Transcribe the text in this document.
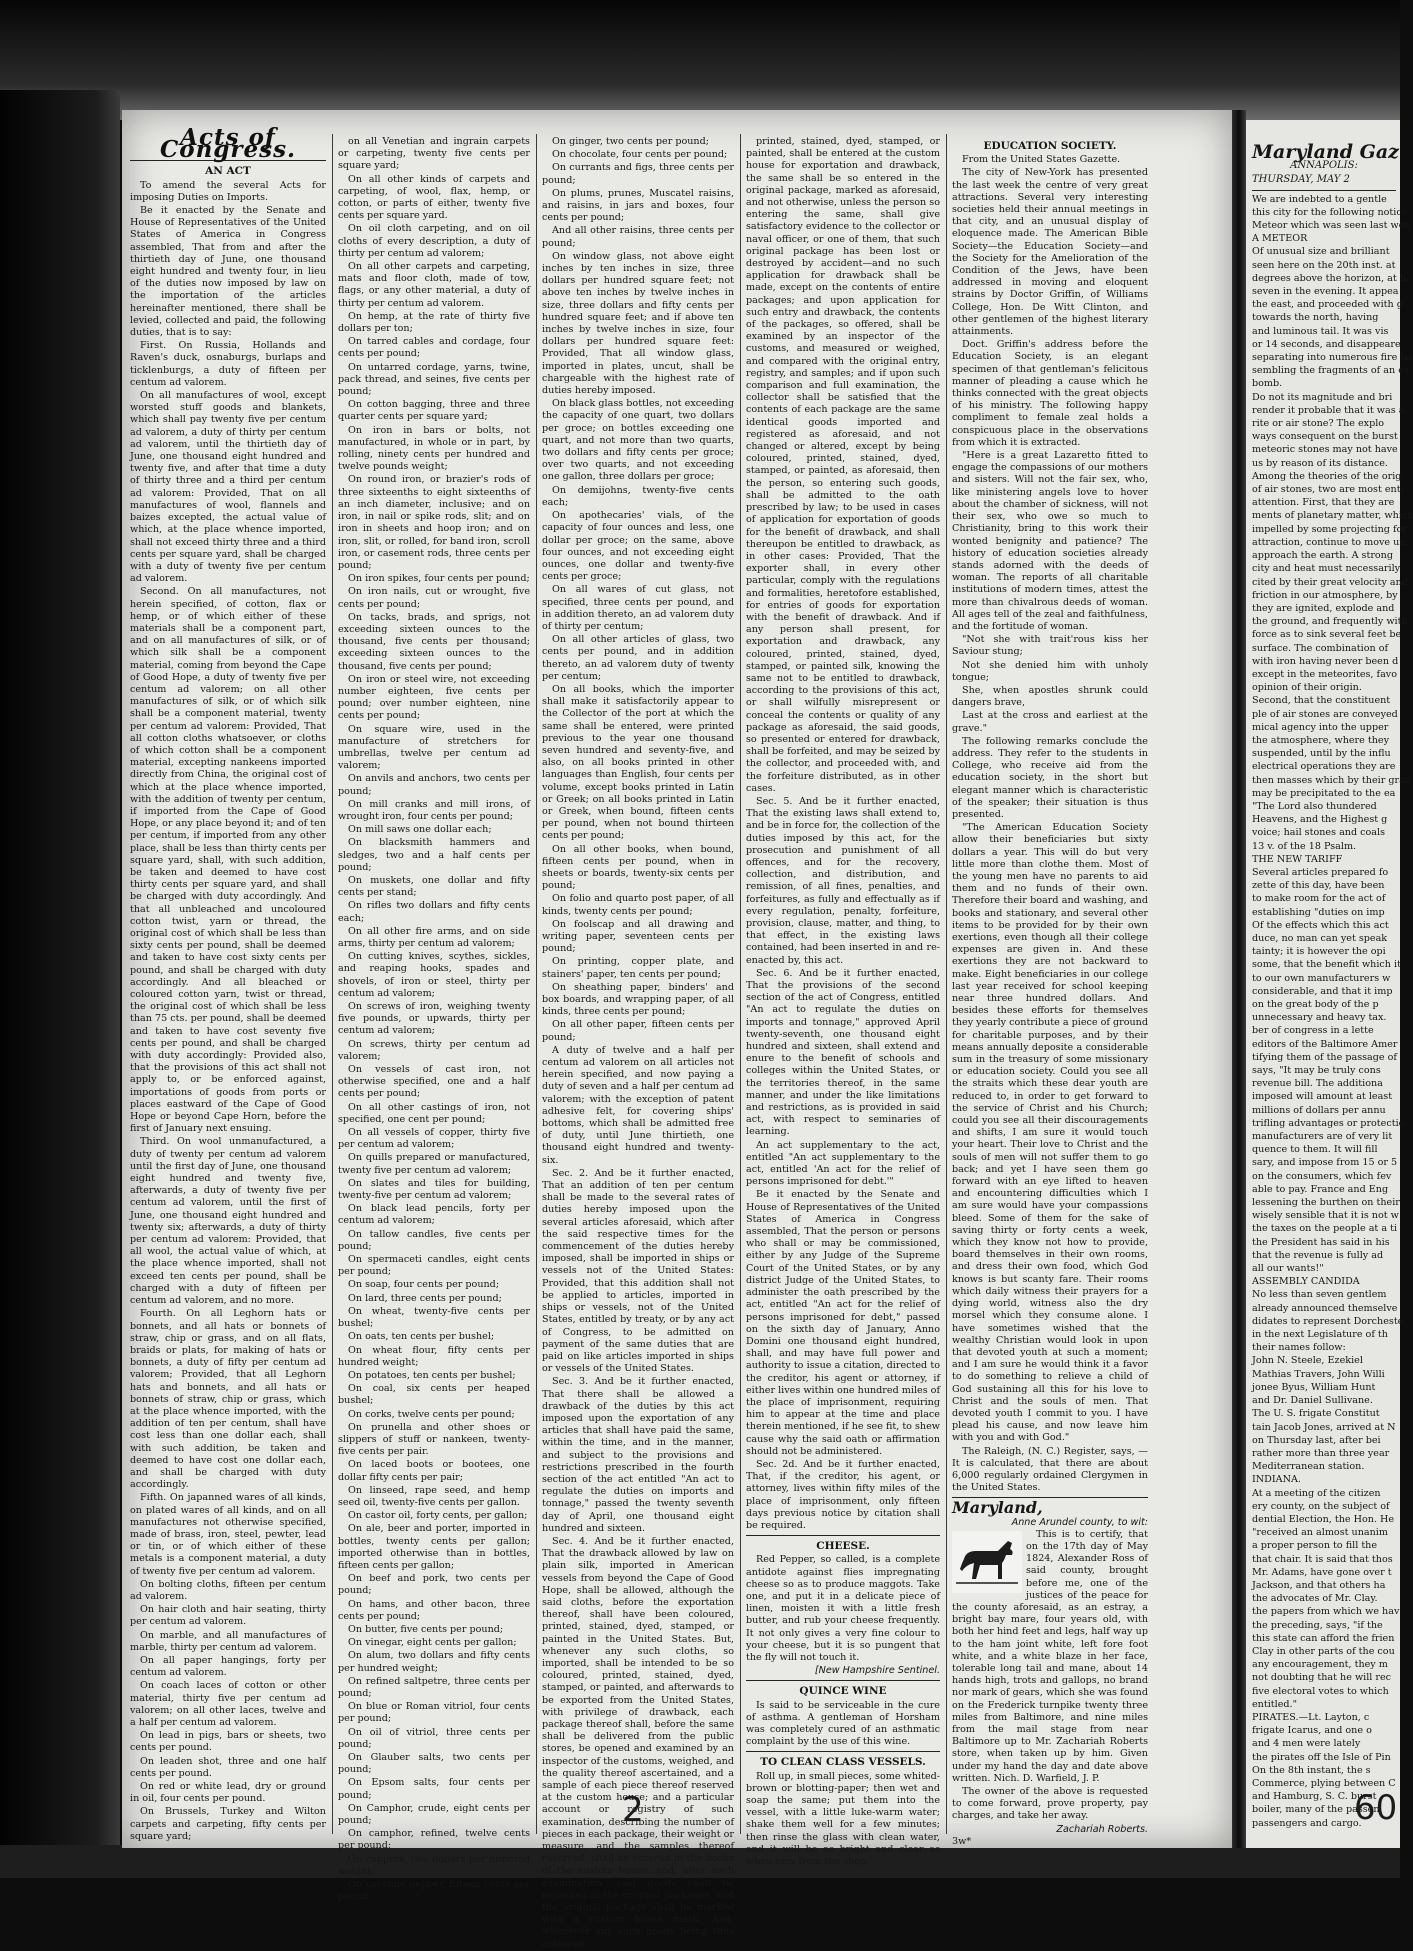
Acts of Congress.
AN ACT

To amend the several Acts for imposing Duties on Imports.

Be it enacted by the Senate and House of Representatives of the United States of America in Congress assembled, That from and after the thirtieth day of June, one thousand eight hundred and twenty four, in lieu of the duties now imposed by law on the importation of the articles hereinafter mentioned, there shall be levied, collected and paid, the following duties, that is to say:

First. On Russia, Hollands and Raven's duck, osnaburgs, burlaps and ticklenburgs, a duty of fifteen per centum ad valorem.

On all manufactures of wool, except worsted stuff goods and blankets, which shall pay twenty five per centum ad valorem, a duty of thirty per centum ad valorem, until the thirtieth day of June, one thousand eight hundred and twenty five, and after that time a duty of thirty three and a third per centum ad valorem: Provided, That on all manufactures of wool, flannels and baizes excepted, the actual value of which, at the place whence imported, shall not exceed thirty three and a third cents per square yard, shall be charged with a duty of twenty five per centum ad valorem.

Second. On all manufactures, not herein specified, of cotton, flax or hemp, or of which either of these materials shall be a component part, and on all manufactures of silk, or of which silk shall be a component material, coming from beyond the Cape of Good Hope, a duty of twenty five per centum ad valorem; on all other manufactures of silk, or of which silk shall be a component material, twenty per centum ad valorem: Provided, That all cotton cloths whatsoever, or cloths of which cotton shall be a component material, excepting nankeens imported directly from China, the original cost of which at the place whence imported, with the addition of twenty per centum, if imported from the Cape of Good Hope, or any place beyond it; and of ten per centum, if imported from any other place, shall be less than thirty cents per square yard, shall, with such addition, be taken and deemed to have cost thirty cents per square yard, and shall be charged with duty accordingly. And that all unbleached and uncoloured cotton twist, yarn or thread, the original cost of which shall be less than sixty cents per pound, shall be deemed and taken to have cost sixty cents per pound, and shall be charged with duty accordingly. And all bleached or coloured cotton yarn, twist or thread, the original cost of which shall be less than 75 cts. per pound, shall be deemed and taken to have cost seventy five cents per pound, and shall be charged with duty accordingly: Provided also, that the provisions of this act shall not apply to, or be enforced against, importations of goods from ports or places eastward of the Cape of Good Hope or beyond Cape Horn, before the first of January next ensuing.

Third. On wool unmanufactured, a duty of twenty per centum ad valorem until the first day of June, one thousand eight hundred and twenty five, afterwards, a duty of twenty five per centum ad valorem, until the first of June, one thousand eight hundred and twenty six; afterwards, a duty of thirty per centum ad valorem: Provided, that all wool, the actual value of which, at the place whence imported, shall not exceed ten cents per pound, shall be charged with a duty of fifteen per centum ad valorem, and no more.

Fourth. On all Leghorn hats or bonnets, and all hats or bonnets of straw, chip or grass, and on all flats, braids or plats, for making of hats or bonnets, a duty of fifty per centum ad valorem; Provided, that all Leghorn hats and bonnets, and all hats or bonnets of straw, chip or grass, which at the place whence imported, with the addition of ten per centum, shall have cost less than one dollar each, shall with such addition, be taken and deemed to have cost one dollar each, and shall be charged with duty accordingly.

Fifth. On japanned wares of all kinds, on plated wares of all kinds, and on all manufactures not otherwise specified, made of brass, iron, steel, pewter, lead or tin, or of which either of these metals is a component material, a duty of twenty five per centum ad valorem.

On bolting cloths, fifteen per centum ad valorem.

On hair cloth and hair seating, thirty per centum ad valorem.

On marble, and all manufactures of marble, thirty per centum ad valorem.

On all paper hangings, forty per centum ad valorem.

On coach laces of cotton or other material, thirty five per centum ad valorem; on all other laces, twelve and a half per centum ad valorem.

On lead in pigs, bars or sheets, two cents per pound.

On leaden shot, three and one half cents per pound.

On red or white lead, dry or ground in oil, four cents per pound.

On Brussels, Turkey and Wilton carpets and carpeting, fifty cents per square yard;

on all Venetian and ingrain carpets or carpeting, twenty five cents per square yard;

On all other kinds of carpets and carpeting, of wool, flax, hemp, or cotton, or parts of either, twenty five cents per square yard.

On oil cloth carpeting, and on oil cloths of every description, a duty of thirty per centum ad valorem;

On all other carpets and carpeting, mats and floor cloth, made of tow, flags, or any other material, a duty of thirty per centum ad valorem.

On hemp, at the rate of thirty five dollars per ton;

On tarred cables and cordage, four cents per pound;

On untarred cordage, yarns, twine, pack thread, and seines, five cents per pound;

On cotton bagging, three and three quarter cents per square yard;

On iron in bars or bolts, not manufactured, in whole or in part, by rolling, ninety cents per hundred and twelve pounds weight;

On round iron, or brazier's rods of three sixteenths to eight sixteenths of an inch diameter, inclusive; and on iron, in nail or spike rods, slit; and on iron in sheets and hoop iron; and on iron, slit, or rolled, for band iron, scroll iron, or casement rods, three cents per pound;

On iron spikes, four cents per pound;

On iron nails, cut or wrought, five cents per pound;

On tacks, brads, and sprigs, not exceeding sixteen ounces to the thousand, five cents per thousand; exceeding sixteen ounces to the thousand, five cents per pound;

On iron or steel wire, not exceeding number eighteen, five cents per pound; over number eighteen, nine cents per pound;

On square wire, used in the manufacture of stretchers for umbrellas, twelve per centum ad valorem;

On anvils and anchors, two cents per pound;

On mill cranks and mill irons, of wrought iron, four cents per pound;

On mill saws one dollar each;

On blacksmith hammers and sledges, two and a half cents per pound;

On muskets, one dollar and fifty cents per stand;

On rifles two dollars and fifty cents each;

On all other fire arms, and on side arms, thirty per centum ad valorem;

On cutting knives, scythes, sickles, and reaping hooks, spades and shovels, of iron or steel, thirty per centum ad valorem;

On screws of iron, weighing twenty five pounds, or upwards, thirty per centum ad valorem;

On screws, thirty per centum ad valorem;

On vessels of cast iron, not otherwise specified, one and a half cents per pound;

On all other castings of iron, not specified, one cent per pound;

On all vessels of copper, thirty five per centum ad valorem;

On quills prepared or manufactured, twenty five per centum ad valorem;

On slates and tiles for building, twenty-five per centum ad valorem;

On black lead pencils, forty per centum ad valorem;

On tallow candles, five cents per pound;

On spermaceti candles, eight cents per pound;

On soap, four cents per pound;

On lard, three cents per pound;

On wheat, twenty-five cents per bushel;

On oats, ten cents per bushel;

On wheat flour, fifty cents per hundred weight;

On potatoes, ten cents per bushel;

On coal, six cents per heaped bushel;

On corks, twelve cents per pound;

On prunella and other shoes or slippers of stuff or nankeen, twenty-five cents per pair.

On laced boots or bootees, one dollar fifty cents per pair;

On linseed, rape seed, and hemp seed oil, twenty-five cents per gallon.

On castor oil, forty cents, per gallon;

On ale, beer and porter, imported in bottles, twenty cents per gallon; imported otherwise than in bottles, fifteen cents per gallon;

On beef and pork, two cents per pound;

On hams, and other bacon, three cents per pound;

On butter, five cents per pound;

On vinegar, eight cents per gallon;

On alum, two dollars and fifty cents per hundred weight;

On refined saltpetre, three cents per pound;

On blue or Roman vitriol, four cents per pound;

On oil of vitriol, three cents per pound;

On Glauber salts, two cents per pound;

On Epsom salts, four cents per pound;

On Camphor, crude, eight cents per pound;

On camphor, refined, twelve cents per pound;

On coppers, two dollars per hundred weight;

On cayenne pepper, fifteen cents per pound;

On ginger, two cents per pound;

On chocolate, four cents per pound;

On currants and figs, three cents per pound;

On plums, prunes, Muscatel raisins, and raisins, in jars and boxes, four cents per pound;

And all other raisins, three cents per pound;

On window glass, not above eight inches by ten inches in size, three dollars per hundred square feet; not above ten inches by twelve inches in size, three dollars and fifty cents per hundred square feet; and if above ten inches by twelve inches in size, four dollars per hundred square feet: Provided, That all window glass, imported in plates, uncut, shall be chargeable with the highest rate of duties hereby imposed.

On black glass bottles, not exceeding the capacity of one quart, two dollars per groce; on bottles exceeding one quart, and not more than two quarts, two dollars and fifty cents per groce; over two quarts, and not exceeding one gallon, three dollars per groce;

On demijohns, twenty-five cents each;

On apothecaries' vials, of the capacity of four ounces and less, one dollar per groce; on the same, above four ounces, and not exceeding eight ounces, one dollar and twenty-five cents per groce;

On all wares of cut glass, not specified, three cents per pound, and in addition thereto, an ad valorem duty of thirty per centum;

On all other articles of glass, two cents per pound, and in addition thereto, an ad valorem duty of twenty per centum;

On all books, which the importer shall make it satisfactorily appear to the Collector of the port at which the same shall be entered, were printed previous to the year one thousand seven hundred and seventy-five, and also, on all books printed in other languages than English, four cents per volume, except books printed in Latin or Greek; on all books printed in Latin or Greek, when bound, fifteen cents per pound, when not bound thirteen cents per pound;

On all other books, when bound, fifteen cents per pound, when in sheets or boards, twenty-six cents per pound;

On folio and quarto post paper, of all kinds, twenty cents per pound;

On foolscap and all drawing and writing paper, seventeen cents per pound;

On printing, copper plate, and stainers' paper, ten cents per pound;

On sheathing paper, binders' and box boards, and wrapping paper, of all kinds, three cents per pound;

On all other paper, fifteen cents per pound;

A duty of twelve and a half per centum ad valorem on all articles not herein specified, and now paying a duty of seven and a half per centum ad valorem; with the exception of patent adhesive felt, for covering ships' bottoms, which shall be admitted free of duty, until June thirtieth, one thousand eight hundred and twenty-six.

Sec. 2. And be it further enacted, That an addition of ten per centum shall be made to the several rates of duties hereby imposed upon the several articles aforesaid, which after the said respective times for the commencement of the duties hereby imposed, shall be imported in ships or vessels not of the United States: Provided, that this addition shall not be applied to articles, imported in ships or vessels, not of the United States, entitled by treaty, or by any act of Congress, to be admitted on payment of the same duties that are paid on like articles imported in ships or vessels of the United States.

Sec. 3. And be it further enacted, That there shall be allowed a drawback of the duties by this act imposed upon the exportation of any articles that shall have paid the same, within the time, and in the manner, and subject to the provisions and restrictions prescribed in the fourth section of the act entitled "An act to regulate the duties on imports and tonnage," passed the twenty seventh day of April, one thousand eight hundred and sixteen.

Sec. 4. And be it further enacted, That the drawback allowed by law on plain silk, imported in American vessels from beyond the Cape of Good Hope, shall be allowed, although the said cloths, before the exportation thereof, shall have been coloured, printed, stained, dyed, stamped, or painted in the United States. But, whenever any such cloths, so imported, shall be intended to be so coloured, printed, stained, dyed, stamped, or painted, and afterwards to be exported from the United States, with privilege of drawback, each package thereof shall, before the same shall be delivered from the public stores, be opened and examined by an inspector of the customs, weighed, and the quality thereof ascertained, and a sample of each piece thereof reserved at the custom house; and a particular account or registry of such examination, describing the number of pieces in each package, their weight or measure, and the samples thereof reserved, shall be entered in the books of the custom house; and, after such examination, said goods shall be repacked in the original packages, and the original package shall be marked with a custom house mark. And, whenever any such goods being thus coloured,

printed, stained, dyed, stamped, or painted, shall be entered at the custom house for exportation and drawback, the same shall be so entered in the original package, marked as aforesaid, and not otherwise, unless the person so entering the same, shall give satisfactory evidence to the collector or naval officer, or one of them, that such original package has been lost or destroyed by accident—and no such application for drawback shall be made, except on the contents of entire packages; and upon application for such entry and drawback, the contents of the packages, so offered, shall be examined by an inspector of the customs, and measured or weighed, and compared with the original entry, registry, and samples; and if upon such comparison and full examination, the collector shall be satisfied that the contents of each package are the same identical goods imported and registered as aforesaid, and not changed or altered, except by being coloured, printed, stained, dyed, stamped, or painted, as aforesaid, then the person, so entering such goods, shall be admitted to the oath prescribed by law; to be used in cases of application for exportation of goods for the benefit of drawback, and shall thereupon be entitled to drawback, as in other cases: Provided, That the exporter shall, in every other particular, comply with the regulations and formalities, heretofore established, for entries of goods for exportation with the benefit of drawback. And if any person shall present, for exportation and drawback, any coloured, printed, stained, dyed, stamped, or painted silk, knowing the same not to be entitled to drawback, according to the provisions of this act, or shall wilfully misrepresent or conceal the contents or quality of any package as aforesaid, the said goods, so presented or entered for drawback, shall be forfeited, and may be seized by the collector, and proceeded with, and the forfeiture distributed, as in other cases.

Sec. 5. And be it further enacted, That the existing laws shall extend to, and be in force for, the collection of the duties imposed by this act, for the prosecution and punishment of all offences, and for the recovery, collection, and distribution, and remission, of all fines, penalties, and forfeitures, as fully and effectually as if every regulation, penalty, forfeiture, provision, clause, matter, and thing, to that effect, in the existing laws contained, had been inserted in and re-enacted by, this act.

Sec. 6. And be it further enacted, That the provisions of the second section of the act of Congress, entitled "An act to regulate the duties on imports and tonnage," approved April twenty-seventh, one thousand eight hundred and sixteen, shall extend and enure to the benefit of schools and colleges within the United States, or the territories thereof, in the same manner, and under the like limitations and restrictions, as is provided in said act, with respect to seminaries of learning.

An act supplementary to the act, entitled "An act supplementary to the act, entitled 'An act for the relief of persons imprisoned for debt.'"

Be it enacted by the Senate and House of Representatives of the United States of America in Congress assembled, That the person or persons who shall or may be commissioned, either by any Judge of the Supreme Court of the United States, or by any district Judge of the United States, to administer the oath prescribed by the act, entitled "An act for the relief of persons imprisoned for debt," passed on the sixth day of January, Anno Domini one thousand eight hundred, shall, and may have full power and authority to issue a citation, directed to the creditor, his agent or attorney, if either lives within one hundred miles of the place of imprisonment, requiring him to appear at the time and place therein mentioned, if he see fit, to shew cause why the said oath or affirmation should not be administered.

Sec. 2d. And be it further enacted, That, if the creditor, his agent, or attorney, lives within fifty miles of the place of imprisonment, only fifteen days previous notice by citation shall be required.

CHEESE.

Red Pepper, so called, is a complete antidote against flies impregnating cheese so as to produce maggots. Take one, and put it in a delicate piece of linen, moisten it with a little fresh butter, and rub your cheese frequently. It not only gives a very fine colour to your cheese, but it is so pungent that the fly will not touch it.

[New Hampshire Sentinel.
QUINCE WINE

Is said to be serviceable in the cure of asthma. A gentleman of Horsham was completely cured of an asthmatic complaint by the use of this wine.

TO CLEAN CLASS VESSELS.

Roll up, in small pieces, some whited-brown or blotting-paper; then wet and soap the same; put them into the vessel, with a little luke-warm water; shake them well for a few minutes; then rinse the glass with clean water, and it will be as bright and clear as when new from the shop.

EDUCATION SOCIETY.

From the United States Gazette.

The city of New-York has presented the last week the centre of very great attractions. Several very interesting societies held their annual meetings in that city, and an unusual display of eloquence made. The American Bible Society—the Education Society—and the Society for the Amelioration of the Condition of the Jews, have been addressed in moving and eloquent strains by Doctor Griffin, of Williams College, Hon. De Witt Clinton, and other gentlemen of the highest literary attainments.

Doct. Griffin's address before the Education Society, is an elegant specimen of that gentleman's felicitous manner of pleading a cause which he thinks connected with the great objects of his ministry. The following happy compliment to female zeal holds a conspicuous place in the observations from which it is extracted.

"Here is a great Lazaretto fitted to engage the compassions of our mothers and sisters. Will not the fair sex, who, like ministering angels love to hover about the chamber of sickness, will not their sex, who owe so much to Christianity, bring to this work their wonted benignity and patience? The history of education societies already stands adorned with the deeds of woman. The reports of all charitable institutions of modern times, attest the more than chivalrous deeds of woman. All ages tell of the zeal and faithfulness, and the fortitude of woman.

"Not she with trait'rous kiss her Saviour stung;

Not she denied him with unholy tongue;

She, when apostles shrunk could dangers brave,

Last at the cross and earliest at the grave."

The following remarks conclude the address. They refer to the students in College, who receive aid from the education society, in the short but elegant manner which is characteristic of the speaker; their situation is thus presented.

"The American Education Society allow their beneficiaries but sixty dollars a year. This will do but very little more than clothe them. Most of the young men have no parents to aid them and no funds of their own. Therefore their board and washing, and books and stationary, and several other items to be provided for by their own exertions, even though all their college expenses are given in. And these exertions they are not backward to make. Eight beneficiaries in our college last year received for school keeping near three hundred dollars. And besides these efforts for themselves they yearly contribute a piece of ground for charitable purposes, and by their means annually deposite a considerable sum in the treasury of some missionary or education society. Could you see all the straits which these dear youth are reduced to, in order to get forward to the service of Christ and his Church; could you see all their discouragements and shifts, I am sure it would touch your heart. Their love to Christ and the souls of men will not suffer them to go back; and yet I have seen them go forward with an eye lifted to heaven and encountering difficulties which I am sure would have your compassions bleed. Some of them for the sake of saving thirty or forty cents a week, which they know not how to provide, board themselves in their own rooms, and dress their own food, which God knows is but scanty fare. Their rooms which daily witness their prayers for a dying world, witness also the dry morsel which they consume alone. I have sometimes wished that the wealthy Christian would look in upon that devoted youth at such a moment; and I am sure he would think it a favor to do something to relieve a child of God sustaining all this for his love to Christ and the souls of men. That devoted youth I commit to you. I have plead his cause, and now leave him with you and with God."

The Raleigh, (N. C.) Register, says, —It is calculated, that there are about 6,000 regularly ordained Clergymen in the United States.

Maryland,
Anne Arundel county, to wit:

This is to certify, that on the 17th day of May 1824, Alexander Ross of said county, brought before me, one of the justices of the peace for the county aforesaid, as an estray, a bright bay mare, four years old, with both her hind feet and legs, half way up to the ham joint white, left fore foot white, and a white blaze in her face, tolerable long tail and mane, about 14 hands high, trots and gallops, no brand nor mark of gears, which she was found on the Frederick turnpike twenty three miles from Baltimore, and nine miles from the mail stage from near Baltimore up to Mr. Zachariah Roberts store, when taken up by him. Given under my hand the day and date above written. Nich. D. Warfield, J. P.

The owner of the above is requested to come forward, prove property, pay charges, and take her away.

Zachariah Roberts.
3w*
2
Maryland Gaz
ANNAPOLIS:
THURSDAY, MAY 2

We are indebted to a gentle

this city for the following notice

Meteor which was seen last wee

A METEOR

Of unusual size and brilliant

seen here on the 20th inst. at

degrees above the horizon, at h

seven in the evening. It appea

the east, and proceeded with g

towards the north, having

and luminous tail. It was vis

or 14 seconds, and disappeare

separating into numerous fire ba

sembling the fragments of an ex

bomb.

Do not its magnitude and bri

render it probable that it was a

rite or air stone? The explo

ways consequent on the burst

meteoric stones may not have

us by reason of its distance.

Among the theories of the orig

of air stones, two are most enti

attention. First, that they are

ments of planetary matter, which

impelled by some projecting for

attraction, continue to move un

approach the earth. A strong

city and heat must necessarily

cited by their great velocity and

friction in our atmosphere, by

they are ignited, explode and

the ground, and frequently with

force as to sink several feet be

surface. The combination of

with iron having never been d

except in the meteorites, favo

opinion of their origin.

Second, that the constituent

ple of air stones are conveyed

mical agency into the upper

the atmosphere, where they

suspended, until by the influ

electrical operations they are

then masses which by their grav

may be precipitated to the ea

"The Lord also thundered

Heavens, and the Highest g

voice; hail stones and coals

13 v. of the 18 Psalm.

THE NEW TARIFF

Several articles prepared fo

zette of this day, have been

to make room for the act of

establishing "duties on imp

Of the effects which this act

duce, no man can yet speak

tainty; it is however the opi

some, that the benefit which it

to our own manufacturers w

considerable, and that it imp

on the great body of the p

unnecessary and heavy tax.

ber of congress in a lette

editors of the Baltimore Amer

tifying them of the passage of

says, "It may be truly cons

revenue bill. The additiona

imposed will amount at least

millions of dollars per annu

trifling advantages or protectio

manufacturers are of very lit

quence to them. It will fill

sary, and impose from 15 or 5

on the consumers, which fev

able to pay. France and Eng

lessening the burthen on their

wisely sensible that it is not w

the taxes on the people at a ti

the President has said in his

that the revenue is fully ad

all our wants!"

ASSEMBLY CANDIDA

No less than seven gentlem

already announced themselve

didates to represent Dorcheste

in the next Legislature of th

their names follow:

John N. Steele, Ezekiel

Mathias Travers, John Willi

jonee Byus, William Hunt

and Dr. Daniel Sullivane.

The U. S. frigate Constitut

tain Jacob Jones, arrived at N

on Thursday last, after bei

rather more than three year

Mediterranean station.

INDIANA.

At a meeting of the citizen

ery county, on the subject of

dential Election, the Hon. He

"received an almost unanim

a proper person to fill the

that chair. It is said that thos

Mr. Adams, have gone over t

Jackson, and that others ha

the advocates of Mr. Clay.

the papers from which we hav

the preceding, says, "if the

this state can afford the frien

Clay in other parts of the cou

any encouragement, they m

not doubting that he will rec

five electoral votes to which

entitled."

PIRATES.—Lt. Layton, c

frigate Icarus, and one o

and 4 men were lately

the pirates off the Isle of Pin

On the 8th instant, the s

Commerce, plying between C

and Hamburg, S. C. burst

boiler, many of the passen

passengers and cargo.

60
